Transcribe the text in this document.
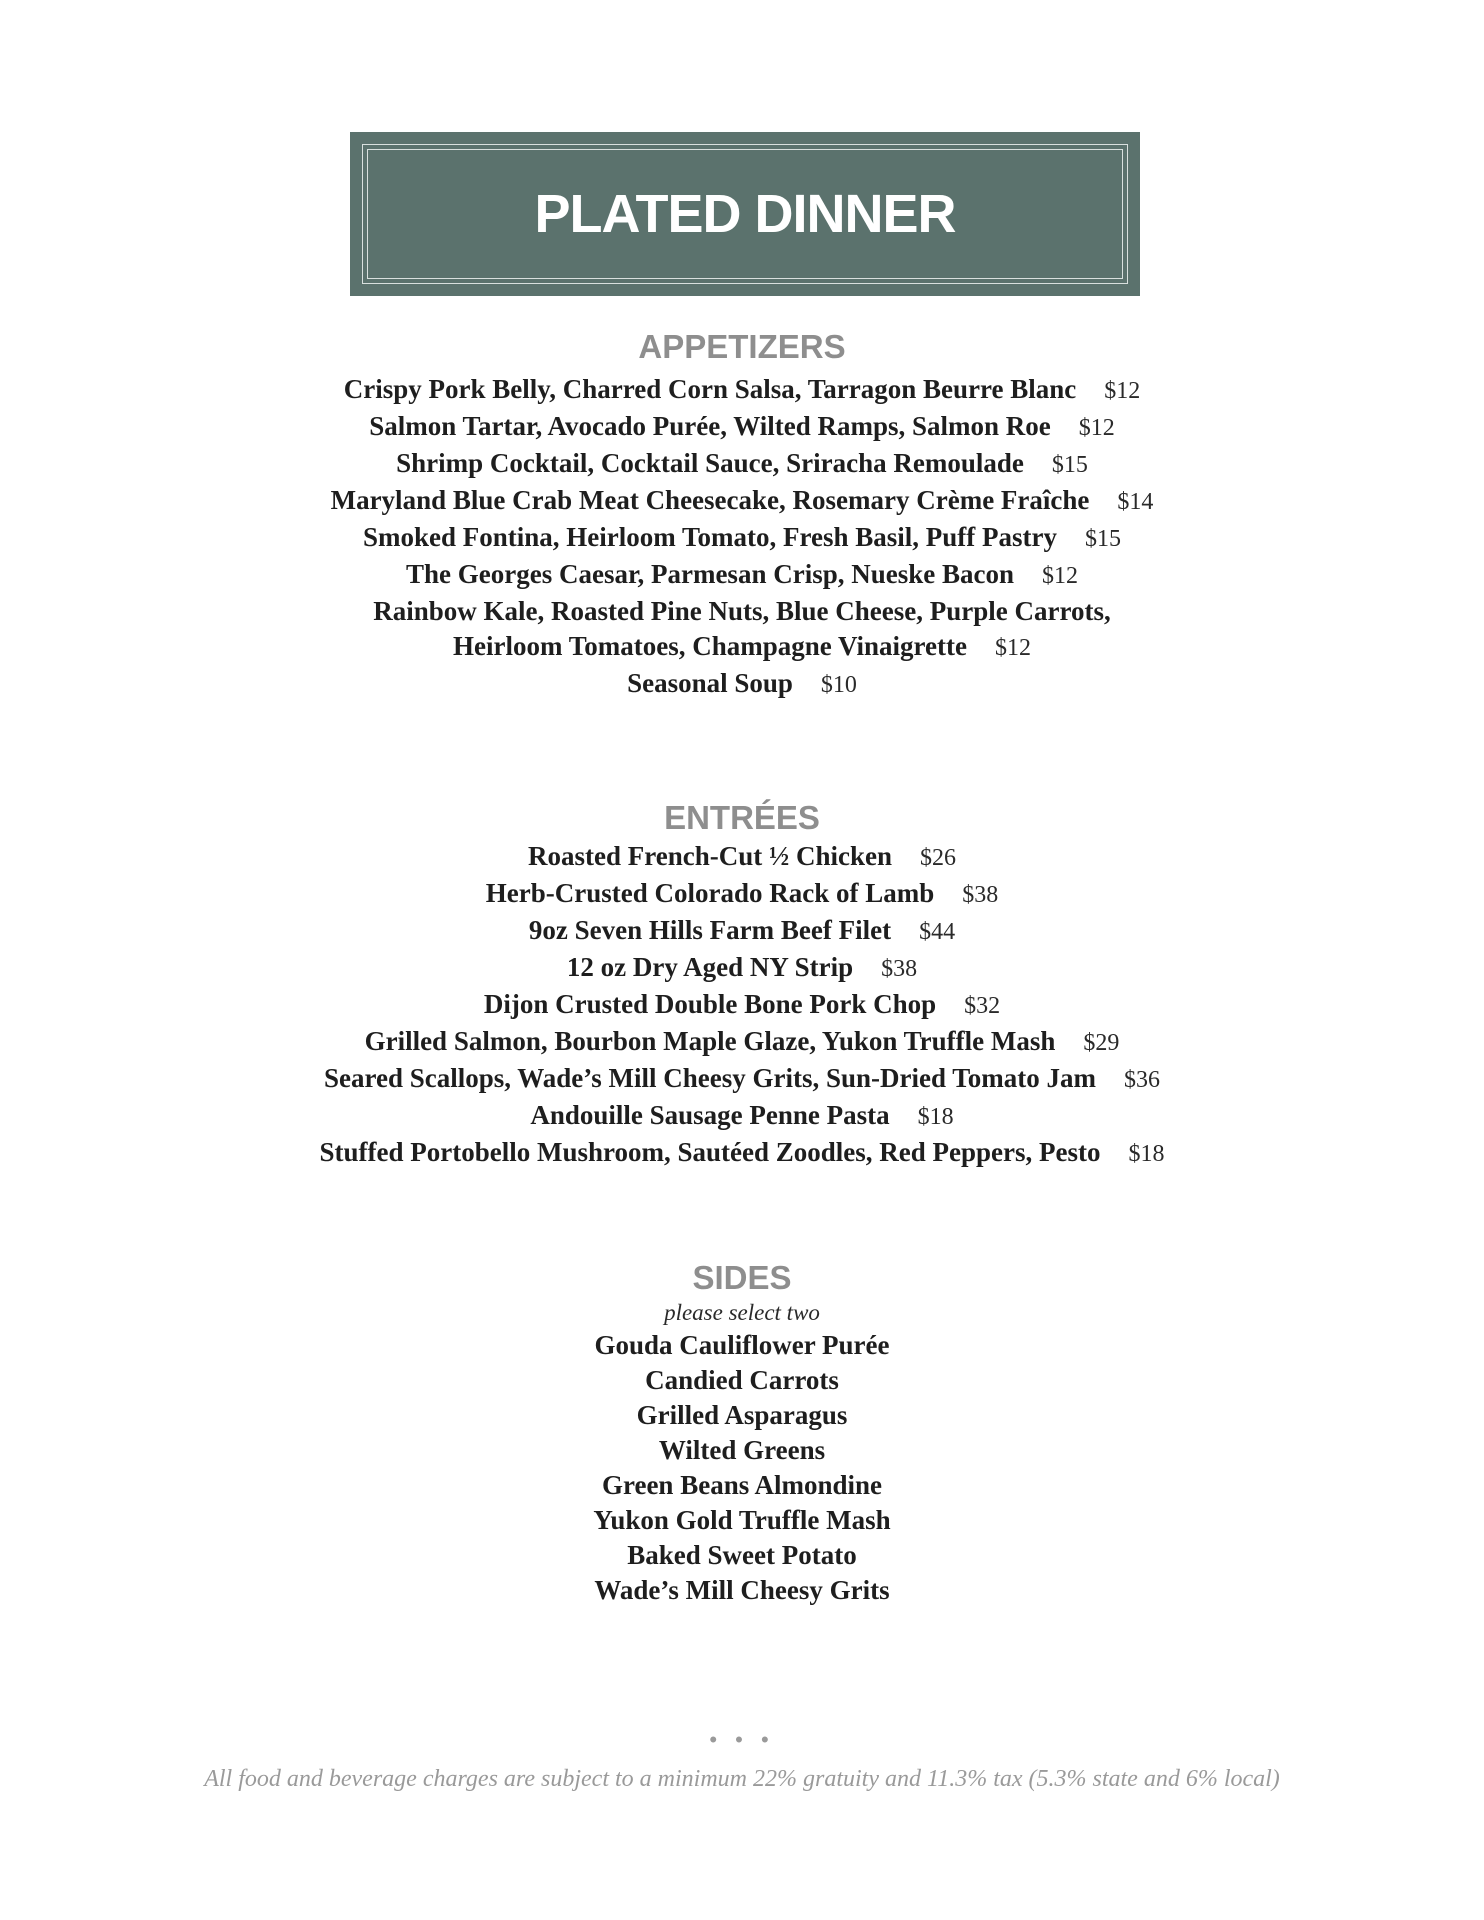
PLATED DINNER
APPETIZERS
Crispy Pork Belly, Charred Corn Salsa, Tarragon Beurre Blanc $12
Salmon Tartar, Avocado Purée, Wilted Ramps, Salmon Roe $12
Shrimp Cocktail, Cocktail Sauce, Sriracha Remoulade $15
Maryland Blue Crab Meat Cheesecake, Rosemary Crème Fraîche $14
Smoked Fontina, Heirloom Tomato, Fresh Basil, Puff Pastry $15
The Georges Caesar, Parmesan Crisp, Nueske Bacon $12
Rainbow Kale, Roasted Pine Nuts, Blue Cheese, Purple Carrots,
Heirloom Tomatoes, Champagne Vinaigrette $12
Seasonal Soup $10
ENTRÉES
Roasted French-Cut ½ Chicken $26
Herb-Crusted Colorado Rack of Lamb $38
9oz Seven Hills Farm Beef Filet $44
12 oz Dry Aged NY Strip $38
Dijon Crusted Double Bone Pork Chop $32
Grilled Salmon, Bourbon Maple Glaze, Yukon Truffle Mash $29
Seared Scallops, Wade’s Mill Cheesy Grits, Sun-Dried Tomato Jam $36
Andouille Sausage Penne Pasta $18
Stuffed Portobello Mushroom, Sautéed Zoodles, Red Peppers, Pesto $18
SIDES
please select two
Gouda Cauliflower Purée
Candied Carrots
Grilled Asparagus
Wilted Greens
Green Beans Almondine
Yukon Gold Truffle Mash
Baked Sweet Potato
Wade’s Mill Cheesy Grits
• • •
All food and beverage charges are subject to a minimum 22% gratuity and 11.3% tax (5.3% state and 6% local)
